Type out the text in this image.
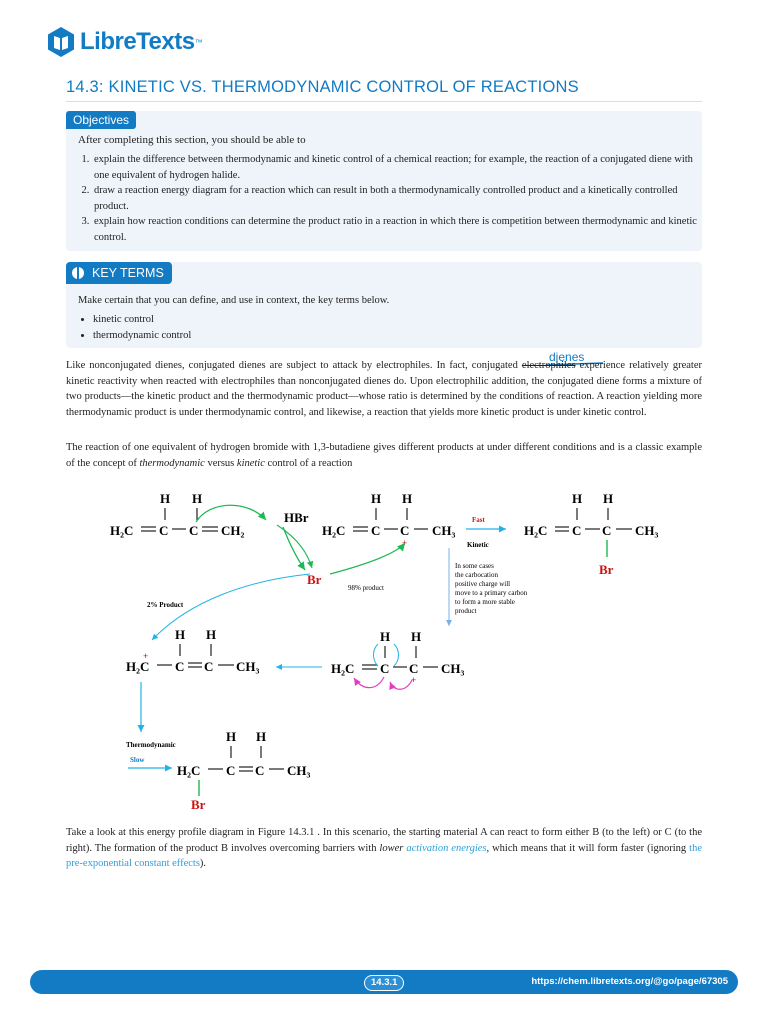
LibreTexts ™
14.3: KINETIC VS. THERMODYNAMIC CONTROL OF REACTIONS
Objectives
After completing this section, you should be able to
1. explain the difference between thermodynamic and kinetic control of a chemical reaction; for example, the reaction of a conjugated diene with one equivalent of hydrogen halide.
2. draw a reaction energy diagram for a reaction which can result in both a thermodynamically controlled product and a kinetically controlled product.
3. explain how reaction conditions can determine the product ratio in a reaction in which there is competition between thermodynamic and kinetic control.
KEY TERMS
Make certain that you can define, and use in context, the key terms below.
• kinetic control
• thermodynamic control
dienes

Like nonconjugated dienes, conjugated dienes are subject to attack by electrophiles. In fact, conjugated electrophiles experience relatively greater kinetic reactivity when reacted with electrophiles than nonconjugated dienes do. Upon electrophilic addition, the conjugated diene forms a mixture of two products—the kinetic product and the thermodynamic product—whose ratio is determined by the conditions of reaction. A reaction yielding more thermodynamic product is under thermodynamic control, and likewise, a reaction that yields more kinetic product is under kinetic control.

The reaction of one equivalent of hydrogen bromide with 1,3-butadiene gives different products at under different conditions and is a classic example of the concept of thermodynamic versus kinetic control of a reaction

H H
H₂C C C CH₂
HBr
H H
H₂C C C CH₃
+
Br
98% product
Fast
Kinetic
H H
H₂C C C CH₃
Br
In some cases
the carbocation
positive charge will
move to a primary carbon
to form a more stable
product
2% Product
H H
H₂C C C CH₃
+
H H
H₂C
+
C C CH₃
Thermodynamic
Slow
H H
H₂C C C CH₃
Br

Take a look at this energy profile diagram in Figure 14.3.1 . In this scenario, the starting material A can react to form either B (to the left) or C (to the right). The formation of the product B involves overcoming barriers with lower activation energies, which means that it will form faster (ignoring the pre-exponential constant effects).

14.3.1	https://chem.libretexts.org/@go/page/67305
